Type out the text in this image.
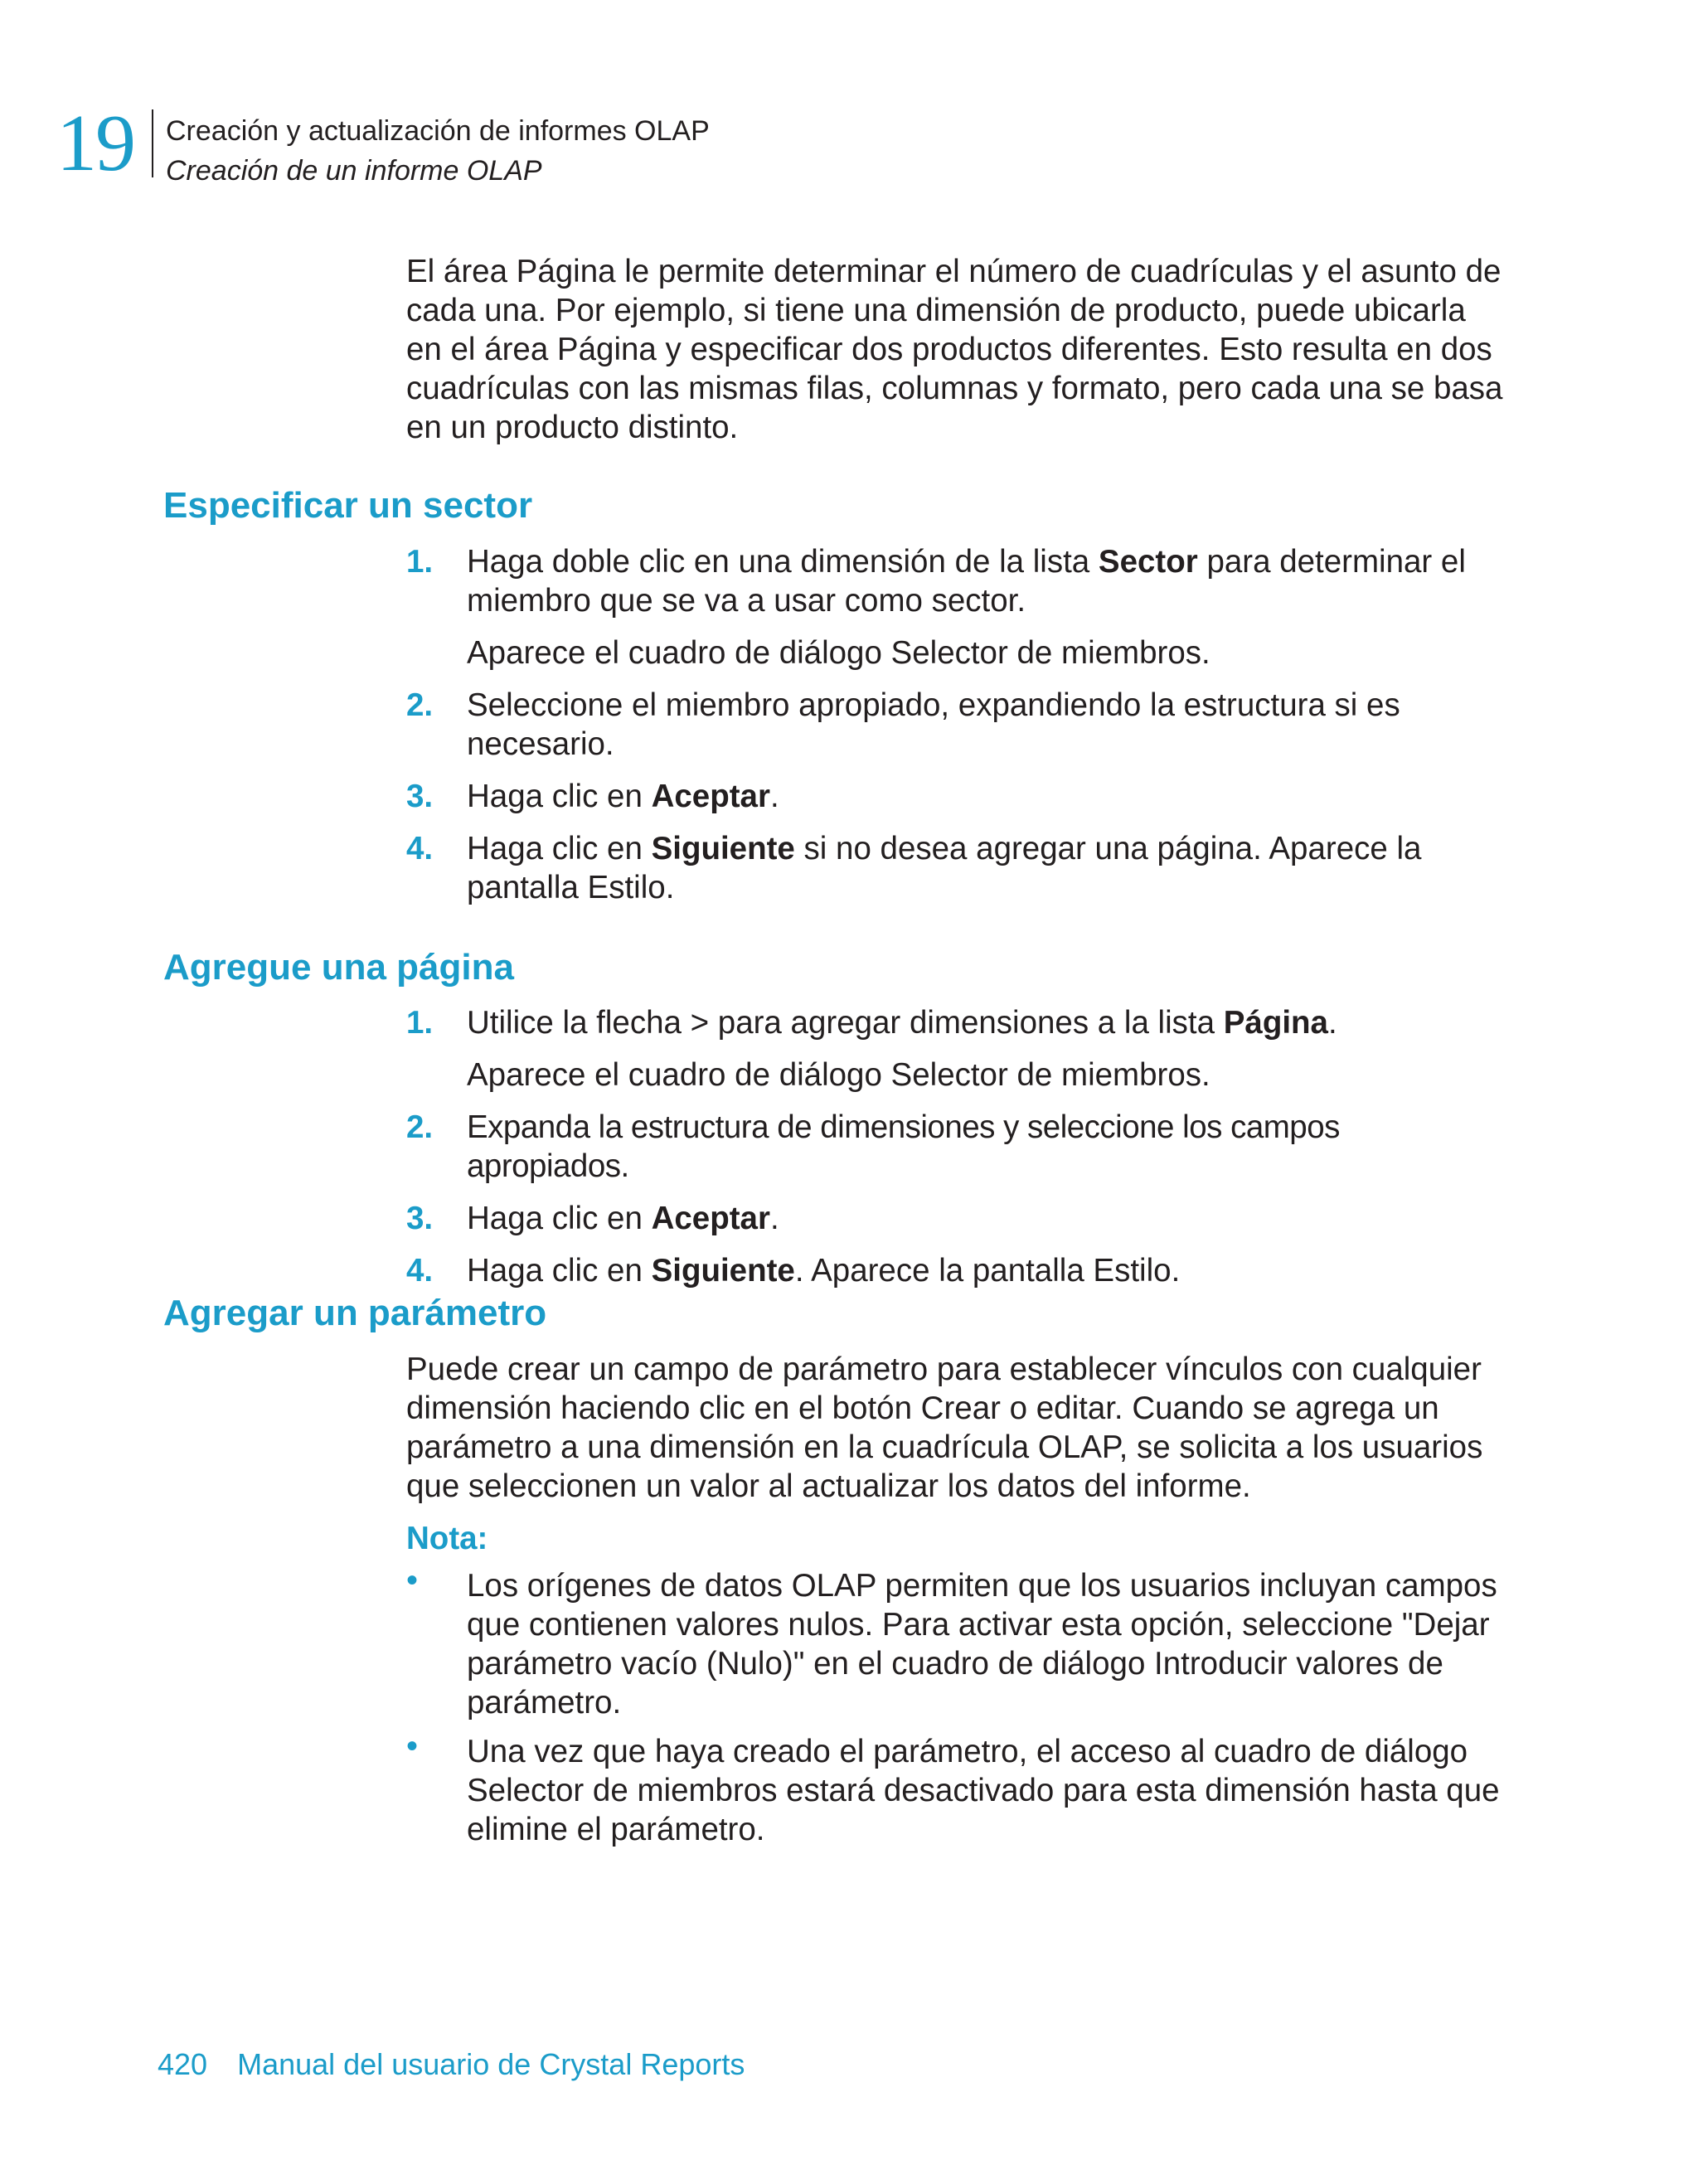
19 Creación y actualización de informes OLAP
Creación de un informe OLAP

El área Página le permite determinar el número de cuadrículas y el asunto de cada una. Por ejemplo, si tiene una dimensión de producto, puede ubicarla en el área Página y especificar dos productos diferentes. Esto resulta en dos cuadrículas con las mismas filas, columnas y formato, pero cada una se basa en un producto distinto.

Especificar un sector
1. Haga doble clic en una dimensión de la lista Sector para determinar el miembro que se va a usar como sector.
Aparece el cuadro de diálogo Selector de miembros.
2. Seleccione el miembro apropiado, expandiendo la estructura si es necesario.
3. Haga clic en Aceptar.
4. Haga clic en Siguiente si no desea agregar una página. Aparece la pantalla Estilo.
Agregue una página
1. Utilice la flecha > para agregar dimensiones a la lista Página.
Aparece el cuadro de diálogo Selector de miembros.
2. Expanda la estructura de dimensiones y seleccione los campos apropiados.
3. Haga clic en Aceptar.
4. Haga clic en Siguiente. Aparece la pantalla Estilo.
Agregar un parámetro

Puede crear un campo de parámetro para establecer vínculos con cualquier dimensión haciendo clic en el botón Crear o editar. Cuando se agrega un parámetro a una dimensión en la cuadrícula OLAP, se solicita a los usuarios que seleccionen un valor al actualizar los datos del informe.

Nota:
• Los orígenes de datos OLAP permiten que los usuarios incluyan campos que contienen valores nulos. Para activar esta opción, seleccione "Dejar parámetro vacío (Nulo)" en el cuadro de diálogo Introducir valores de parámetro.
• Una vez que haya creado el parámetro, el acceso al cuadro de diálogo Selector de miembros estará desactivado para esta dimensión hasta que elimine el parámetro.
420 Manual del usuario de Crystal Reports
